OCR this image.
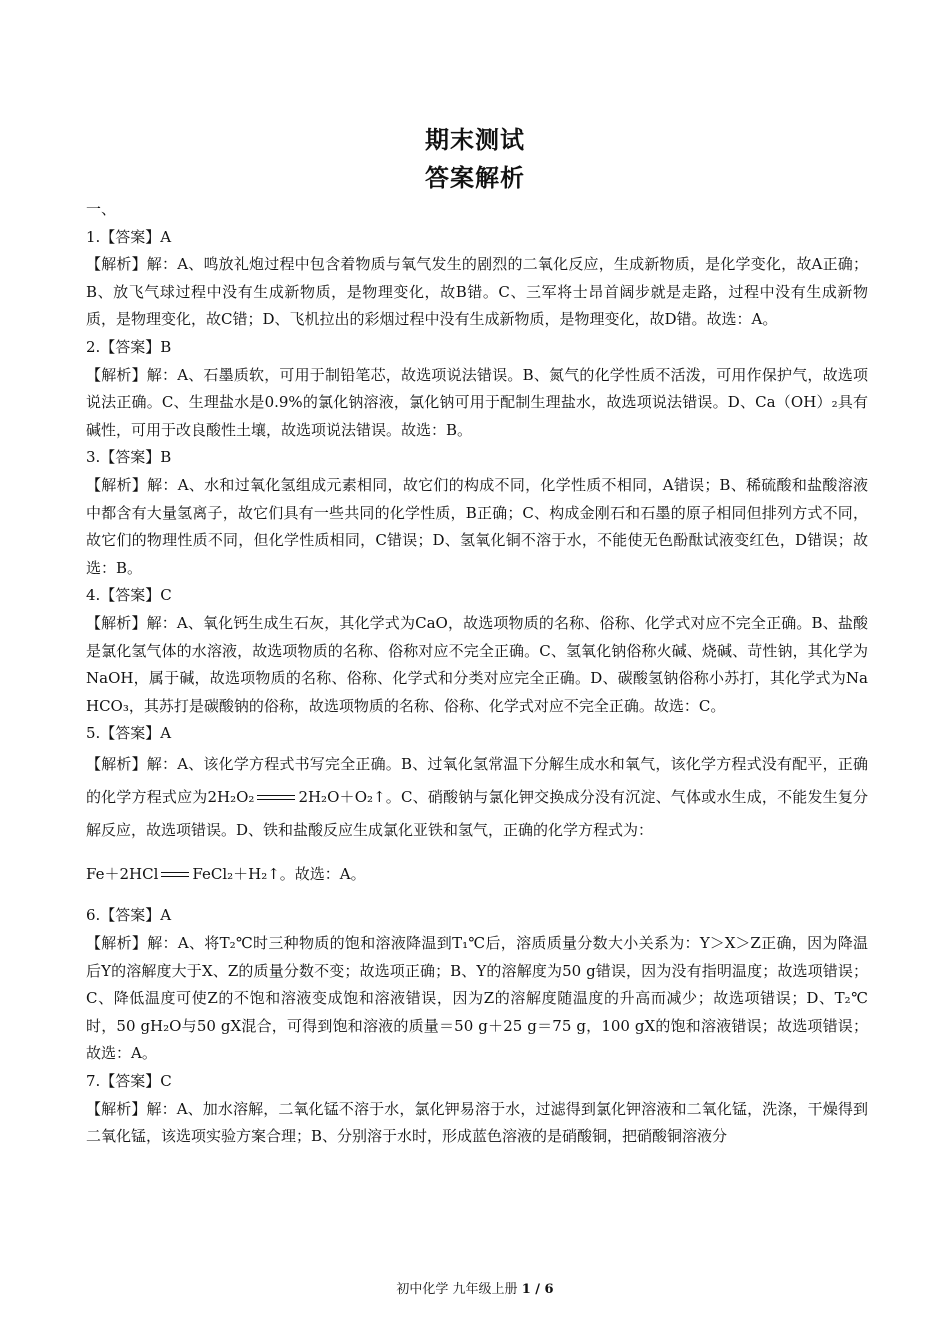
期末测试
答案解析

一、

1.【答案】A

【解析】解：A、鸣放礼炮过程中包含着物质与氧气发生的剧烈的二氧化反应，生成新物质，是化学变化，故A正确；B、放飞气球过程中没有生成新物质，是物理变化，故B错。C、三军将士昂首阔步就是走路，过程中没有生成新物质，是物理变化，故C错；D、飞机拉出的彩烟过程中没有生成新物质，是物理变化，故D错。故选：A。

2.【答案】B

【解析】解：A、石墨质软，可用于制铅笔芯，故选项说法错误。B、氮气的化学性质不活泼，可用作保护气，故选项说法正确。C、生理盐水是0.9%的氯化钠溶液，氯化钠可用于配制生理盐水，故选项说法错误。D、Ca（OH）₂具有碱性，可用于改良酸性土壤，故选项说法错误。故选：B。

3.【答案】B

【解析】解：A、水和过氧化氢组成元素相同，故它们的构成不同，化学性质不相同，A错误；B、稀硫酸和盐酸溶液中都含有大量氢离子，故它们具有一些共同的化学性质，B正确；C、构成金刚石和石墨的原子相同但排列方式不同，故它们的物理性质不同，但化学性质相同，C错误；D、氢氧化铜不溶于水，不能使无色酚酞试液变红色，D错误；故选：B。

4.【答案】C

【解析】解：A、氧化钙生成生石灰，其化学式为CaO，故选项物质的名称、俗称、化学式对应不完全正确。B、盐酸是氯化氢气体的水溶液，故选项物质的名称、俗称对应不完全正确。C、氢氧化钠俗称火碱、烧碱、苛性钠，其化学为NaOH，属于碱，故选项物质的名称、俗称、化学式和分类对应完全正确。D、碳酸氢钠俗称小苏打，其化学式为NaHCO₃，其苏打是碳酸钠的俗称，故选项物质的名称、俗称、化学式对应不完全正确。故选：C。

5.【答案】A

【解析】解：A、该化学方程式书写完全正确。B、过氧化氢常温下分解生成水和氧气，该化学方程式没有配平，正确的化学方程式应为2H₂O₂	2H₂O＋O₂↑。C、硝酸钠与氯化钾交换成分没有沉淀、气体或水生成，不能发生复分解反应，故选项错误。D、铁和盐酸反应生成氯化亚铁和氢气，正确的化学方程式为：

Fe＋2HCl FeCl₂＋H₂↑。故选：A。

6.【答案】A

【解析】解：A、将T₂℃时三种物质的饱和溶液降温到T₁℃后，溶质质量分数大小关系为：Y＞X＞Z正确，因为降温后Y的溶解度大于X、Z的质量分数不变；故选项正确；B、Y的溶解度为50 g错误，因为没有指明温度；故选项错误；C、降低温度可使Z的不饱和溶液变成饱和溶液错误，因为Z的溶解度随温度的升高而减少；故选项错误；D、T₂℃时，50 gH₂O与50 gX混合，可得到饱和溶液的质量＝50 g＋25 g＝75 g，100 gX的饱和溶液错误；故选项错误；故选：A。

7.【答案】C

【解析】解：A、加水溶解，二氧化锰不溶于水，氯化钾易溶于水，过滤得到氯化钾溶液和二氧化锰，洗涤，干燥得到二氧化锰，该选项实验方案合理；B、分别溶于水时，形成蓝色溶液的是硝酸铜，把硝酸铜溶液分

初中化学 九年级上册 1 / 6
